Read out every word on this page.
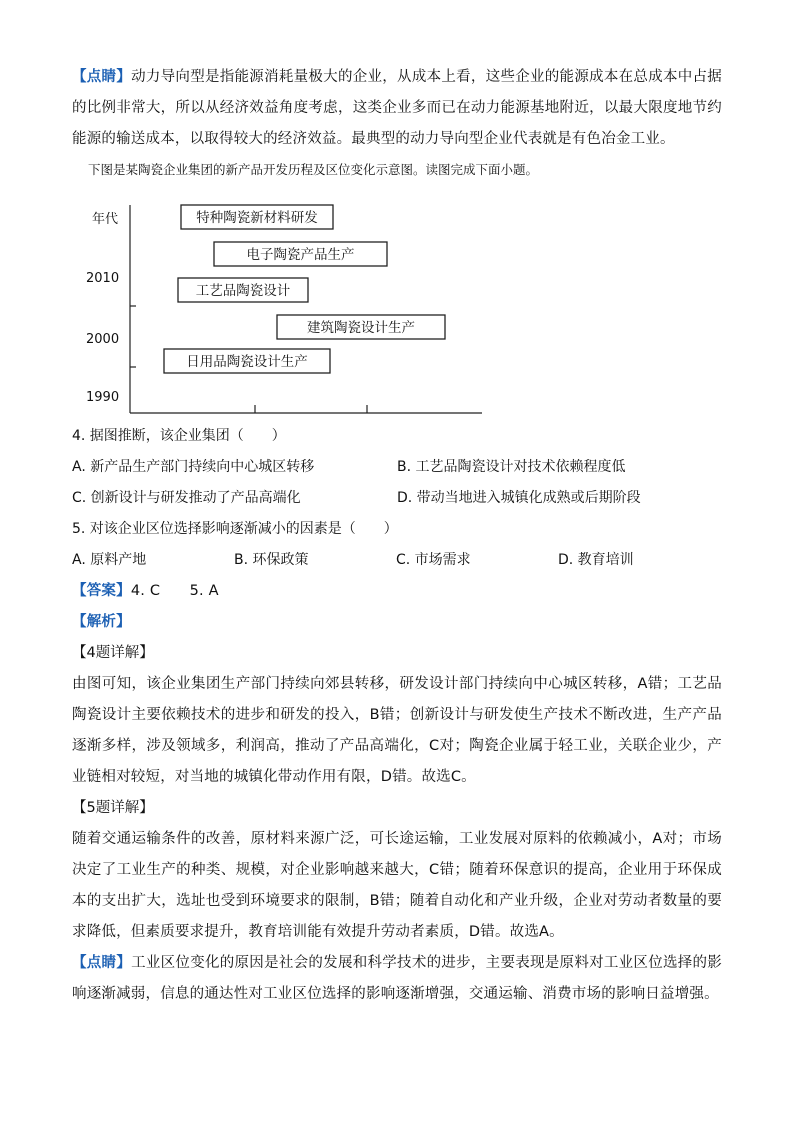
【点睛】动力导向型是指能源消耗量极大的企业，从成本上看，这些企业的能源成本在总成本中占据的比例非常大，所以从经济效益角度考虑，这类企业多而已在动力能源基地附近，以最大限度地节约能源的输送成本，以取得较大的经济效益。最典型的动力导向型企业代表就是有色冶金工业。

下图是某陶瓷企业集团的新产品开发历程及区位变化示意图。读图完成下面小题。

年代
2010
2000
1990
特种陶瓷新材料研发
电子陶瓷产品生产
工艺品陶瓷设计
建筑陶瓷设计生产
日用品陶瓷设计生产

4. 据图推断，该企业集团（　　）

A. 新产品生产部门持续向中心城区转移	B. 工艺品陶瓷设计对技术依赖程度低
C. 创新设计与研发推动了产品高端化	D. 带动当地进入城镇化成熟或后期阶段

5. 对该企业区位选择影响逐渐减小的因素是（　　）

A. 原料产地	B. 环保政策	C. 市场需求	D. 教育培训

【答案】4. C　　5. A

【解析】

【4题详解】

由图可知，该企业集团生产部门持续向郊县转移，研发设计部门持续向中心城区转移，A错；工艺品陶瓷设计主要依赖技术的进步和研发的投入，B错；创新设计与研发使生产技术不断改进，生产产品逐渐多样，涉及领域多，利润高，推动了产品高端化，C对；陶瓷企业属于轻工业，关联企业少，产业链相对较短，对当地的城镇化带动作用有限，D错。故选C。

【5题详解】

随着交通运输条件的改善，原材料来源广泛，可长途运输，工业发展对原料的依赖减小，A对；市场决定了工业生产的种类、规模，对企业影响越来越大，C错；随着环保意识的提高，企业用于环保成本的支出扩大，选址也受到环境要求的限制，B错；随着自动化和产业升级，企业对劳动者数量的要求降低，但素质要求提升，教育培训能有效提升劳动者素质，D错。故选A。

【点睛】工业区位变化的原因是社会的发展和科学技术的进步，主要表现是原料对工业区位选择的影响逐渐减弱，信息的通达性对工业区位选择的影响逐渐增强，交通运输、消费市场的影响日益增强。
